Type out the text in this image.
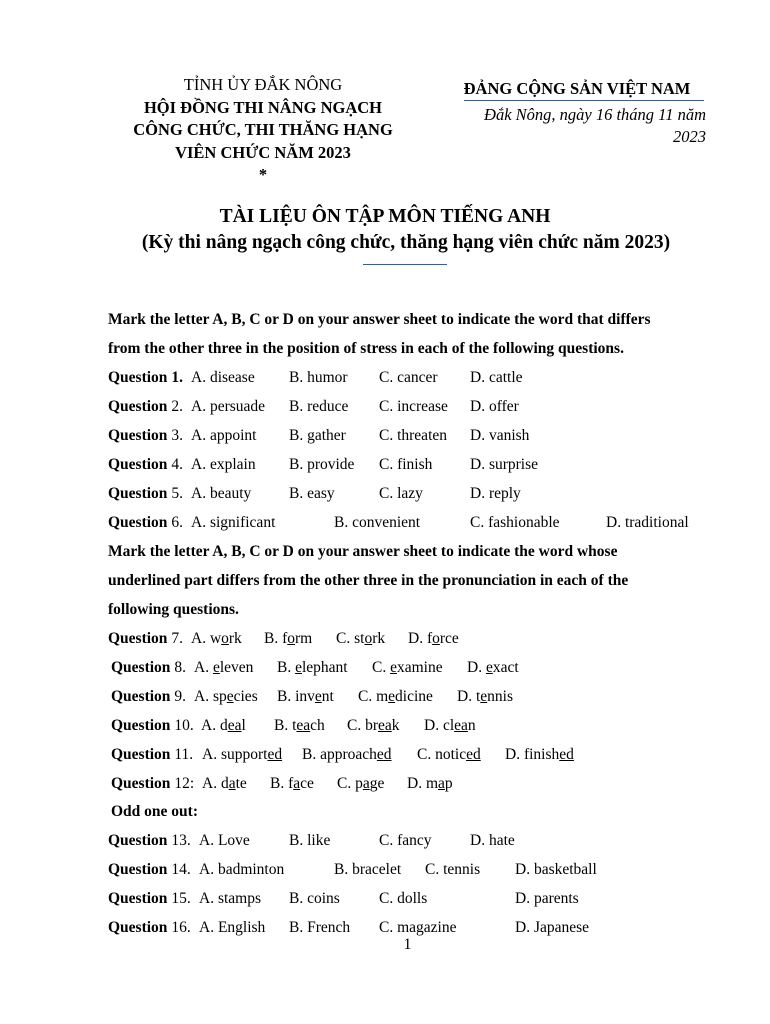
TỈNH ỦY ĐẮK NÔNG
HỘI ĐỒNG THI NÂNG NGẠCH
CÔNG CHỨC, THI THĂNG HẠNG
VIÊN CHỨC NĂM 2023
*
ĐẢNG CỘNG SẢN VIỆT NAM
Đắk Nông, ngày 16 tháng 11 năm
2023
TÀI LIỆU ÔN TẬP MÔN TIẾNG ANH
(Kỳ thi nâng ngạch công chức, thăng hạng viên chức năm 2023)
Mark the letter A, B, C or D on your answer sheet to indicate the word that differs
from the other three in the position of stress in each of the following questions.
Question 1. A. disease B. humor C. cancer D. cattle
Question 2. A. persuade B. reduce C. increase D. offer
Question 3. A. appoint B. gather C. threaten D. vanish
Question 4. A. explain B. provide C. finish D. surprise
Question 5. A. beauty B. easy	C. lazy	D. reply
Question 6. A. significant	B. convenient	C. fashionable	D. traditional
Question 7. A. work B. form C. stork D. force
Question 8. A. eleven B. elephant C. examine D. exact
Question 9. A. species B. invent C. medicine D. tennis
Question 10. A. deal B. teach C. break D. clean
Question 11. A. supported B. approached C. noticed D. finished
Question 12: A. date B. face C. page D. map
Question 13. A. Love	B. like	C. fancy D. hate
Question 14. A. badminton	B. bracelet C. tennis D. basketball
Question 15. A. stamps B. coins	C. dolls	D. parents
Question 16. A. English B. French C. magazine	D. Japanese
Mark the letter A, B, C or D on your answer sheet to indicate the word whose
underlined part differs from the other three in the pronunciation in each of the
following questions.
Odd one out:
1
